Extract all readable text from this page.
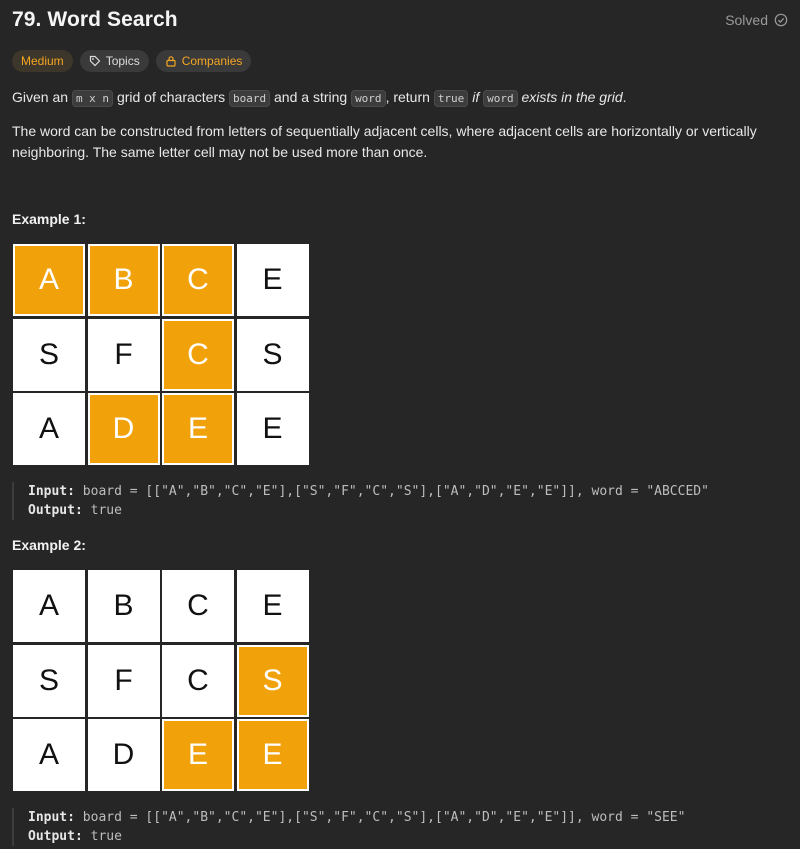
79. Word Search	Solved
Medium	Topics	Companies
Given an m x n grid of characters board and a string word , return true if word exists in the grid.
The word can be constructed from letters of sequentially adjacent cells, where adjacent cells are horizontally or vertically neighboring. The same letter cell may not be used more than once.
Example 1:
A	B	C	E
S	F	C	S
A	D	E	E
Input: board = [["A","B","C","E"],["S","F","C","S"],["A","D","E","E"]], word = "ABCCED"
Output: true
Example 2:
A	B	C	E
S	F	C	S
A	D	E	E
Input: board = [["A","B","C","E"],["S","F","C","S"],["A","D","E","E"]], word = "SEE"
Output: true
